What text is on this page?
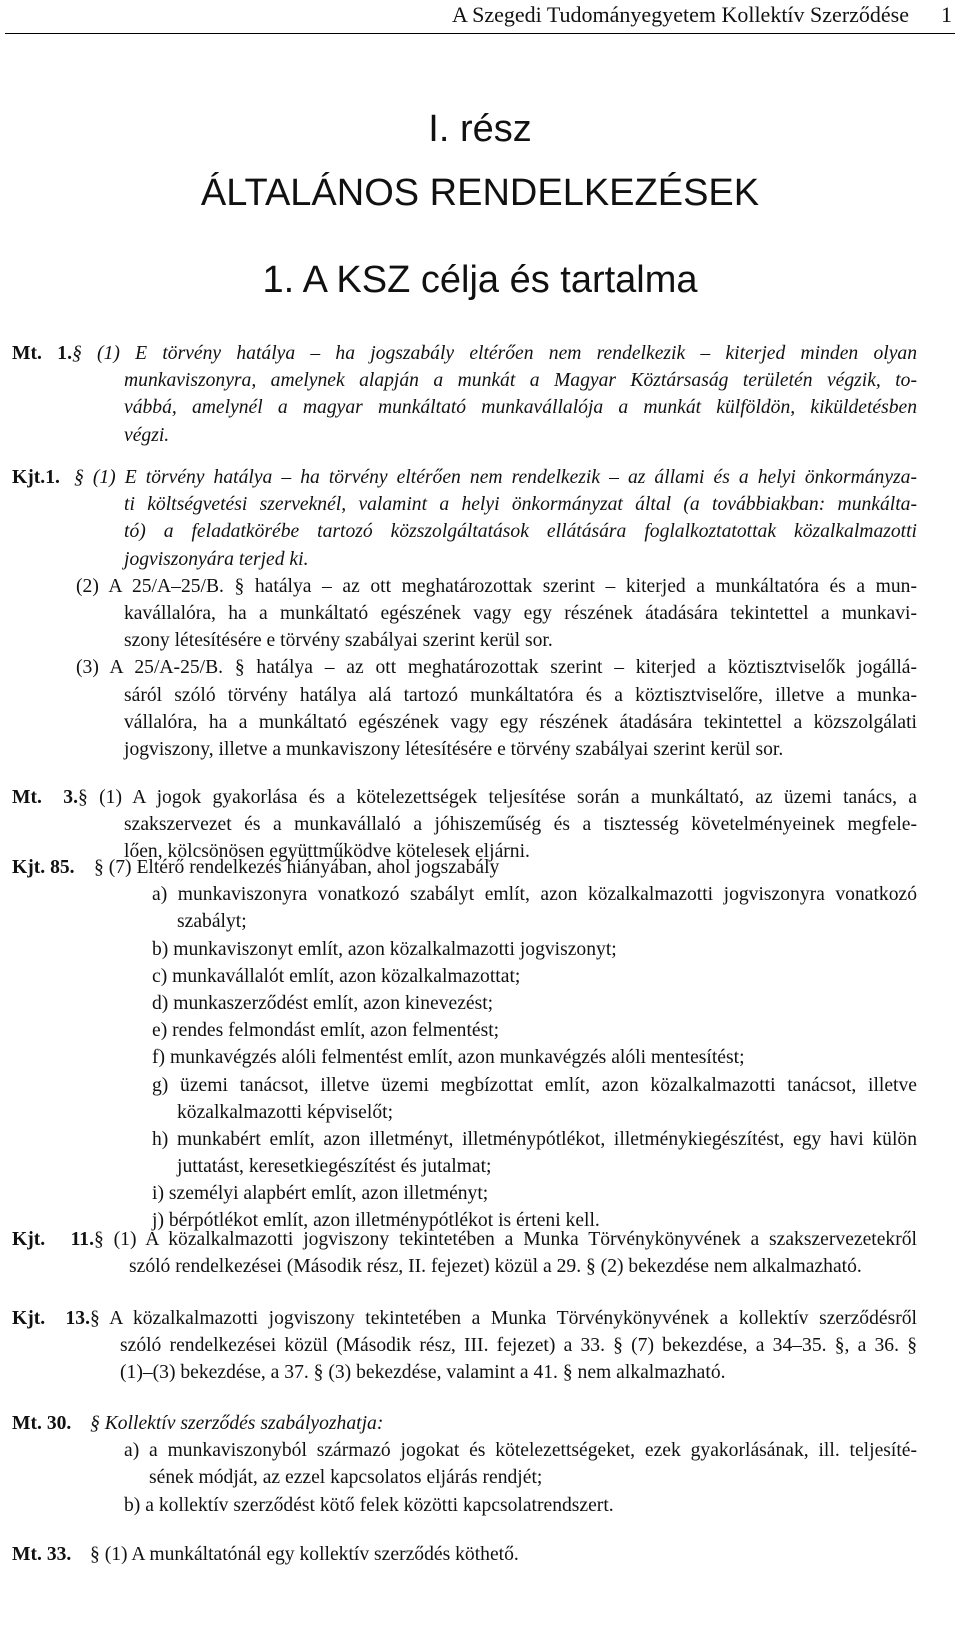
A Szegedi Tudományegyetem Kollektív Szerződése 1
I. rész
ÁLTALÁNOS RENDELKEZÉSEK
1. A KSZ célja és tartalma
Mt. 1.§ (1) E törvény hatálya – ha jogszabály eltérően nem rendelkezik – kiterjed minden olyan
munkaviszonyra, amelynek alapján a munkát a Magyar Köztársaság területén végzik, to-
vábbá, amelynél a magyar munkáltató munkavállalója a munkát külföldön, kiküldetésben
végzi.
Kjt.1. § (1) E törvény hatálya – ha törvény eltérően nem rendelkezik – az állami és a helyi önkormányza-
ti költségvetési szerveknél, valamint a helyi önkormányzat által (a továbbiakban: munkálta-
tó) a feladatkörébe tartozó közszolgáltatások ellátására foglalkoztatottak közalkalmazotti
jogviszonyára terjed ki.
(2) A 25/A–25/B. § hatálya – az ott meghatározottak szerint – kiterjed a munkáltatóra és a mun-
kavállalóra, ha a munkáltató egészének vagy egy részének átadására tekintettel a munkavi-
szony létesítésére e törvény szabályai szerint kerül sor.
(3) A 25/A-25/B. § hatálya – az ott meghatározottak szerint – kiterjed a köztisztviselők jogállá-
sáról szóló törvény hatálya alá tartozó munkáltatóra és a köztisztviselőre, illetve a munka-
vállalóra, ha a munkáltató egészének vagy egy részének átadására tekintettel a közszolgálati
jogviszony, illetve a munkaviszony létesítésére e törvény szabályai szerint kerül sor.
Mt. 3.§ (1) A jogok gyakorlása és a kötelezettségek teljesítése során a munkáltató, az üzemi tanács, a
szakszervezet és a munkavállaló a jóhiszeműség és a tisztesség követelményeinek megfele-
lően, kölcsönösen együttműködve kötelesek eljárni.
Kjt. 85. § (7) Eltérő rendelkezés hiányában, ahol jogszabály
a) munkaviszonyra vonatkozó szabályt említ, azon közalkalmazotti jogviszonyra vonatkozó
szabályt;
b) munkaviszonyt említ, azon közalkalmazotti jogviszonyt;
c) munkavállalót említ, azon közalkalmazottat;
d) munkaszerződést említ, azon kinevezést;
e) rendes felmondást említ, azon felmentést;
f) munkavégzés alóli felmentést említ, azon munkavégzés alóli mentesítést;
g) üzemi tanácsot, illetve üzemi megbízottat említ, azon közalkalmazotti tanácsot, illetve
közalkalmazotti képviselőt;
h) munkabért említ, azon illetményt, illetménypótlékot, illetménykiegészítést, egy havi külön
juttatást, keresetkiegészítést és jutalmat;
i) személyi alapbért említ, azon illetményt;
j) bérpótlékot említ, azon illetménypótlékot is érteni kell.
Kjt. 11.§ (1) A közalkalmazotti jogviszony tekintetében a Munka Törvénykönyvének a szakszervezetekről
szóló rendelkezései (Második rész, II. fejezet) közül a 29. § (2) bekezdése nem alkalmazható.
Kjt. 13.§ A közalkalmazotti jogviszony tekintetében a Munka Törvénykönyvének a kollektív szerződésről
szóló rendelkezései közül (Második rész, III. fejezet) a 33. § (7) bekezdése, a 34–35. §, a 36. §
(1)–(3) bekezdése, a 37. § (3) bekezdése, valamint a 41. § nem alkalmazható.
Mt. 30. § Kollektív szerződés szabályozhatja:
a) a munkaviszonyból származó jogokat és kötelezettségeket, ezek gyakorlásának, ill. teljesíté-
sének módját, az ezzel kapcsolatos eljárás rendjét;
b) a kollektív szerződést kötő felek közötti kapcsolatrendszert.
Mt. 33. § (1) A munkáltatónál egy kollektív szerződés köthető.
